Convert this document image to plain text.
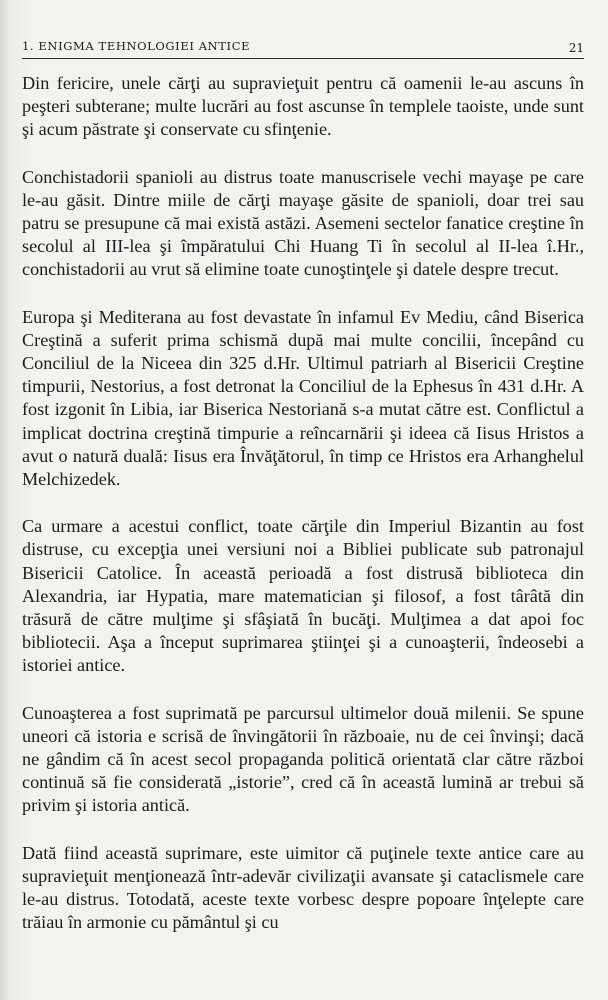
1. ENIGMA TEHNOLOGIEI ANTICE	21

Din fericire, unele cărţi au supravieţuit pentru că oamenii le-au ascuns în peşteri subterane; multe lucrări au fost ascunse în templele taoiste, unde sunt şi acum păstrate şi conservate cu sfinţenie.

Conchistadorii spanioli au distrus toate manuscrisele vechi mayaşe pe care le-au găsit. Dintre miile de cărţi mayaşe găsite de spanioli, doar trei sau patru se presupune că mai există astăzi. Asemeni sectelor fanatice creştine în secolul al III-lea şi împăratului Chi Huang Ti în secolul al II-lea î.Hr., conchistadorii au vrut să elimine toate cunoştinţele şi datele despre trecut.

Europa şi Mediterana au fost devastate în infamul Ev Mediu, când Biserica Creştină a suferit prima schismă după mai multe concilii, începând cu Conciliul de la Niceea din 325 d.Hr. Ultimul patriarh al Bisericii Creştine timpurii, Nestorius, a fost detronat la Conciliul de la Ephesus în 431 d.Hr. A fost izgonit în Libia, iar Biserica Nestoriană s-a mutat către est. Conflictul a implicat doctrina creştină timpurie a reîncarnării şi ideea că Iisus Hristos a avut o natură duală: Iisus era Învăţătorul, în timp ce Hristos era Arhanghelul Melchizedek.

Ca urmare a acestui conflict, toate cărţile din Imperiul Bizantin au fost distruse, cu excepţia unei versiuni noi a Bibliei publicate sub patronajul Bisericii Catolice. În această perioadă a fost distrusă biblioteca din Alexandria, iar Hypatia, mare matematician şi filosof, a fost târâtă din trăsură de către mulţime şi sfâşiată în bucăţi. Mulţimea a dat apoi foc bibliotecii. Aşa a început suprimarea ştiinţei şi a cunoaşterii, îndeosebi a istoriei antice.

Cunoaşterea a fost suprimată pe parcursul ultimelor două milenii. Se spune uneori că istoria e scrisă de învingătorii în războaie, nu de cei învinşi; dacă ne gândim că în acest secol propaganda politică orientată clar către război continuă să fie considerată „istorie”, cred că în această lumină ar trebui să privim şi istoria antică.

Dată fiind această suprimare, este uimitor că puţinele texte antice care au supravieţuit menţionează într-adevăr civilizaţii avansate şi cataclismele care le-au distrus. Totodată, aceste texte vorbesc despre popoare înţelepte care trăiau în armonie cu pământul şi cu
